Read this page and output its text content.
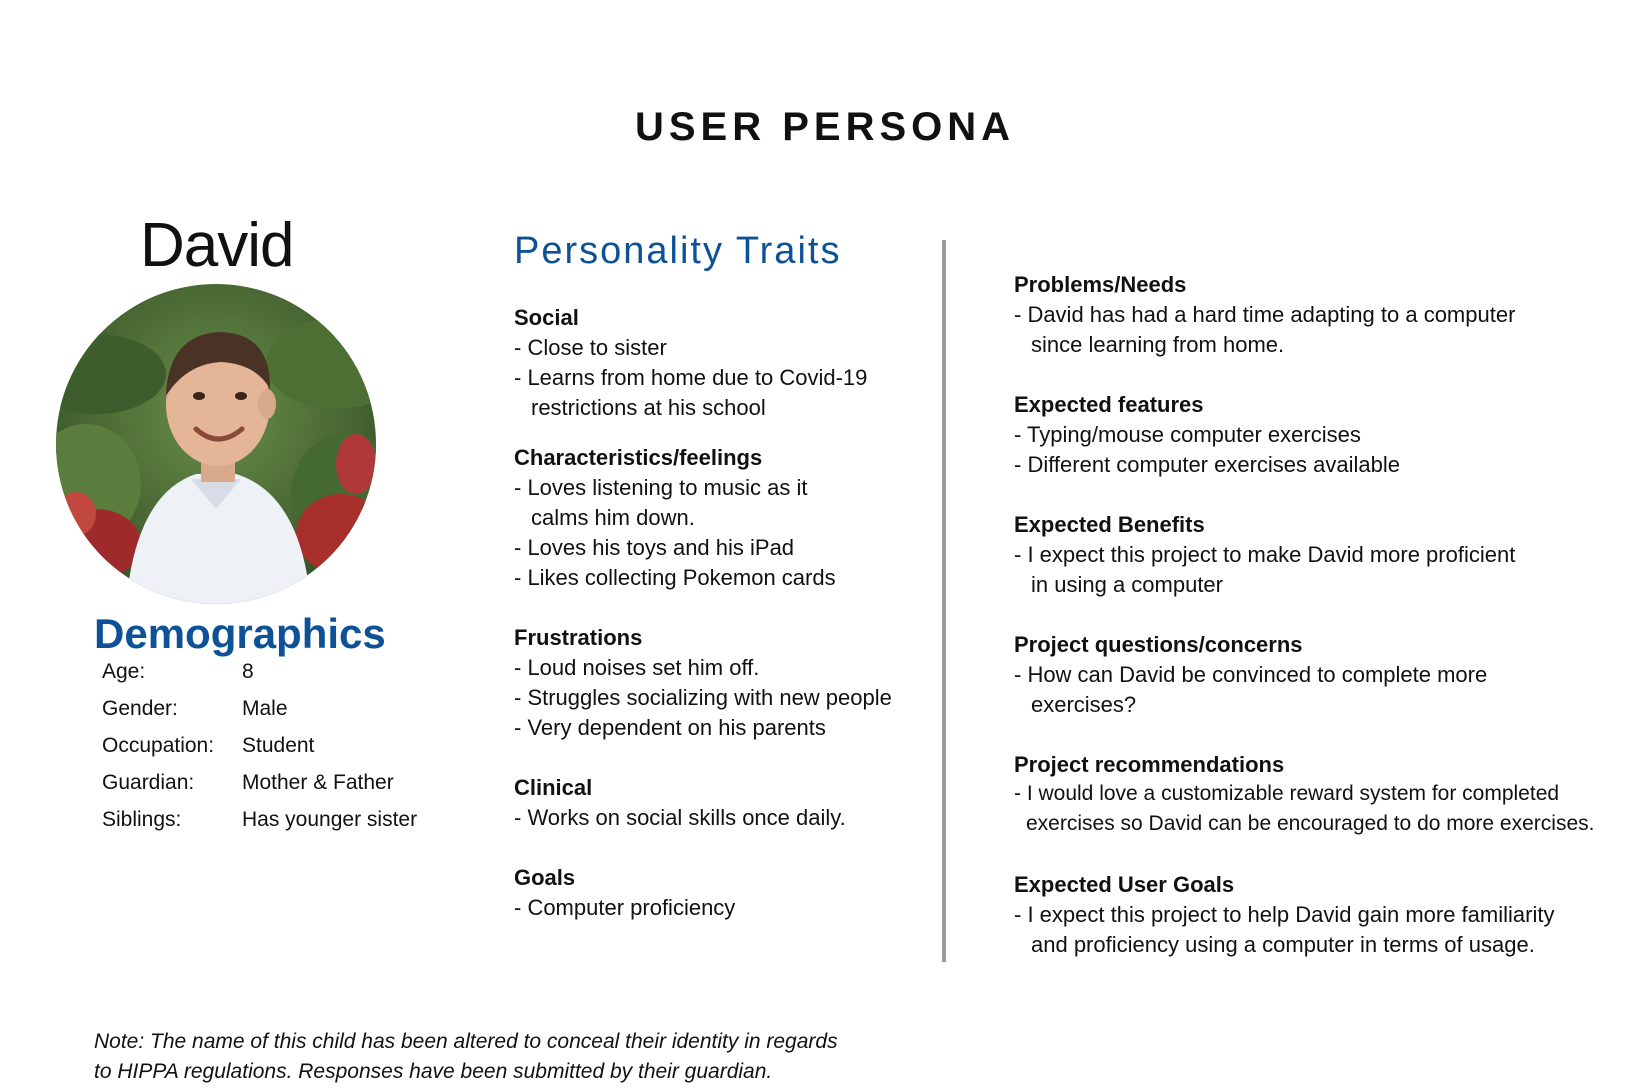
USER PERSONA
David
Demographics
Age:	8
Gender:	Male
Occupation: Student
Guardian: Mother & Father
Siblings:	Has younger sister
Personality Traits
Social
- Close to sister
- Learns from home due to Covid-19
restrictions at his school
Characteristics/feelings
- Loves listening to music as it
calms him down.
- Loves his toys and his iPad
- Likes collecting Pokemon cards
Frustrations
- Loud noises set him off.
- Struggles socializing with new people
- Very dependent on his parents
Clinical
- Works on social skills once daily.
Goals
- Computer proficiency
Problems/Needs
- David has had a hard time adapting to a computer
since learning from home.
Expected features
- Typing/mouse computer exercises
- Different computer exercises available
Expected Benefits
- I expect this project to make David more proficient
in using a computer
Project questions/concerns
- How can David be convinced to complete more
exercises?
Project recommendations
- I would love a customizable reward system for completed
exercises so David can be encouraged to do more exercises.
Expected User Goals
- I expect this project to help David gain more familiarity
and proficiency using a computer in terms of usage.
Note: The name of this child has been altered to conceal their identity in regards
to HIPPA regulations. Responses have been submitted by their guardian.
